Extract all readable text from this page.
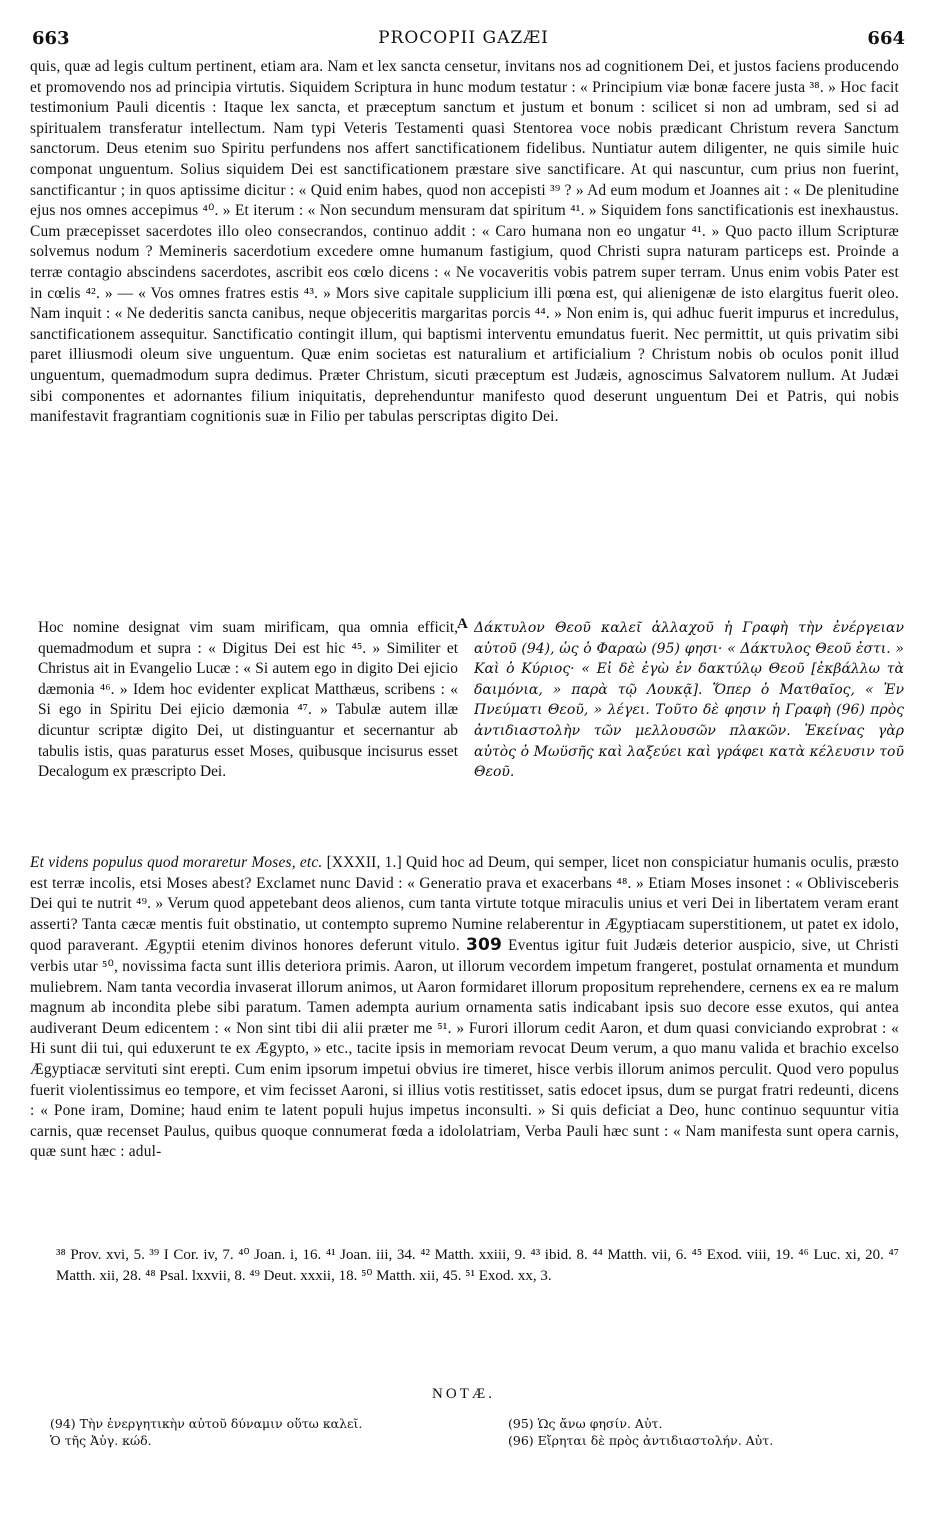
663	PROCOPII GAZÆI	664
quis, quæ ad legis cultum pertinent, etiam ara. Nam et lex sancta censetur, invitans nos ad cognitionem Dei, et justos faciens producendo et promovendo nos ad principia virtutis. Siquidem Scriptura in hunc modum testatur : « Principium viæ bonæ facere justa ³⁸. » Hoc facit testimonium Pauli dicentis : Itaque lex sancta, et præceptum sanctum et justum et bonum : scilicet si non ad umbram, sed si ad spiritualem transferatur intellectum. Nam typi Veteris Testamenti quasi Stentorea voce nobis prædicant Christum revera Sanctum sanctorum. Deus etenim suo Spiritu perfundens nos affert sanctificationem fidelibus. Nuntiatur autem diligenter, ne quis simile huic componat unguentum. Solius siquidem Dei est sanctificationem præstare sive sanctificare. At qui nascuntur, cum prius non fuerint, sanctificantur ; in quos aptissime dicitur : « Quid enim habes, quod non accepisti ³⁹ ? » Ad eum modum et Joannes ait : « De plenitudine ejus nos omnes accepimus ⁴⁰. » Et iterum : « Non secundum mensuram dat spiritum ⁴¹. » Siquidem fons sanctificationis est inexhaustus. Cum præcepisset sacerdotes illo oleo consecrandos, continuo addit : « Caro humana non eo ungatur ⁴¹. » Quo pacto illum Scripturæ solvemus nodum ? Memineris sacerdotium excedere omne humanum fastigium, quod Christi supra naturam particeps est. Proinde a terræ contagio abscindens sacerdotes, ascribit eos cœlo dicens : « Ne vocaveritis vobis patrem super terram. Unus enim vobis Pater est in cœlis ⁴². » — « Vos omnes fratres estis ⁴³. » Mors sive capitale supplicium illi pœna est, qui alienigenæ de isto elargitus fuerit oleo. Nam inquit : « Ne dederitis sancta canibus, neque objeceritis margaritas porcis ⁴⁴. » Non enim is, qui adhuc fuerit impurus et incredulus, sanctificationem assequitur. Sanctificatio contingit illum, qui baptismi interventu emundatus fuerit. Nec permittit, ut quis privatim sibi paret illiusmodi oleum sive unguentum. Quæ enim societas est naturalium et artificialium ? Christum nobis ob oculos ponit illud unguentum, quemadmodum supra dedimus. Præter Christum, sicuti præceptum est Judæis, agnoscimus Salvatorem nullum. At Judæi sibi componentes et adornantes filium iniquitatis, deprehenduntur manifesto quod deserunt unguentum Dei et Patris, qui nobis manifestavit fragrantiam cognitionis suæ in Filio per tabulas perscriptas digito Dei.
Hoc nomine designat vim suam mirificam, qua omnia efficit, quemadmodum et supra : « Digitus Dei est hic ⁴⁵. » Similiter et Christus ait in Evangelio Lucæ : « Si autem ego in digito Dei ejicio dæmonia ⁴⁶. » Idem hoc evidenter explicat Matthæus, scribens : « Si ego in Spiritu Dei ejicio dæmonia ⁴⁷. » Tabulæ autem illæ dicuntur scriptæ digito Dei, ut distinguantur et secernantur ab tabulis istis, quas paraturus esset Moses, quibusque incisurus esset Decalogum ex præscripto Dei.
A Δάκτυλον Θεοῦ καλεῖ ἀλλαχοῦ ἡ Γραφὴ τὴν ἐνέργειαν αὐτοῦ (94), ὡς ὁ Φαραὼ (95) φησι· « Δάκτυλος Θεοῦ ἐστι. » Καὶ ὁ Κύριος· « Εἰ δὲ ἐγὼ ἐν δακτύλῳ Θεοῦ [ἐκβάλλω τὰ δαιμόνια, » παρὰ τῷ Λουκᾷ]. Ὅπερ ὁ Ματθαῖος, « Ἐν Πνεύματι Θεοῦ, » λέγει. Τοῦτο δὲ φησιν ἡ Γραφὴ (96) πρὸς ἀντιδιαστολὴν τῶν μελλουσῶν πλακῶν. Ἐκείνας γὰρ αὐτὸς ὁ Μωϋσῆς καὶ λαξεύει καὶ γράφει κατὰ κέλευσιν τοῦ Θεοῦ.
Et videns populus quod moraretur Moses, etc. [XXXII, 1.] Quid hoc ad Deum, qui semper, licet non conspiciatur humanis oculis, præsto est terræ incolis, etsi Moses abest? Exclamet nunc David : « Generatio prava et exacerbans ⁴⁸. » Etiam Moses insonet : « Oblivisceberis Dei qui te nutrit ⁴⁹. » Verum quod appetebant deos alienos, cum tanta virtute totque miraculis unius et veri Dei in libertatem veram erant asserti? Tanta cæcæ mentis fuit obstinatio, ut contempto supremo Numine relaberentur in Ægyptiacam superstitionem, ut patet ex idolo, quod paraverant. Ægyptii etenim divinos honores deferunt vitulo. 309 Eventus igitur fuit Judæis deterior auspicio, sive, ut Christi verbis utar ⁵⁰, novissima facta sunt illis deteriora primis. Aaron, ut illorum vecordem impetum frangeret, postulat ornamenta et mundum muliebrem. Nam tanta vecordia invaserat illorum animos, ut Aaron formidaret illorum propositum reprehendere, cernens ex ea re malum magnum ab incondita plebe sibi paratum. Tamen adempta aurium ornamenta satis indicabant ipsis suo decore esse exutos, qui antea audiverant Deum edicentem : « Non sint tibi dii alii præter me ⁵¹. » Furori illorum cedit Aaron, et dum quasi conviciando exprobrat : « Hi sunt dii tui, qui eduxerunt te ex Ægypto, » etc., tacite ipsis in memoriam revocat Deum verum, a quo manu valida et brachio excelso Ægyptiacæ servituti sint erepti. Cum enim ipsorum impetui obvius ire timeret, hisce verbis illorum animos perculit. Quod vero populus fuerit violentissimus eo tempore, et vim fecisset Aaroni, si illius votis restitisset, satis edocet ipsus, dum se purgat fratri redeunti, dicens : « Pone iram, Domine; haud enim te latent populi hujus impetus inconsulti. » Si quis deficiat a Deo, hunc continuo sequuntur vitia carnis, quæ recenset Paulus, quibus quoque connumerat fœda a idololatriam, Verba Pauli hæc sunt : « Nam manifesta sunt opera carnis, quæ sunt hæc : adul-
³⁸ Prov. xvi, 5. ³⁹ I Cor. iv, 7. ⁴⁰ Joan. i, 16. ⁴¹ Joan. iii, 34. ⁴² Matth. xxiii, 9. ⁴³ ibid. 8. ⁴⁴ Matth. vii, 6. ⁴⁵ Exod. viii, 19. ⁴⁶ Luc. xi, 20. ⁴⁷ Matth. xii, 28. ⁴⁸ Psal. lxxvii, 8. ⁴⁹ Deut. xxxii, 18. ⁵⁰ Matth. xii, 45. ⁵¹ Exod. xx, 3.
NOTÆ.
(94) Τὴν ἐνεργητικὴν αὐτοῦ δύναμιν οὕτω καλεῖ.
Ὁ τῆς Ἀὐγ. κώδ.
(95) Ὡς ἄνω φησίν. Αὐτ.
(96) Εἴρηται δὲ πρὸς ἀντιδιαστολήν. Αὐτ.
